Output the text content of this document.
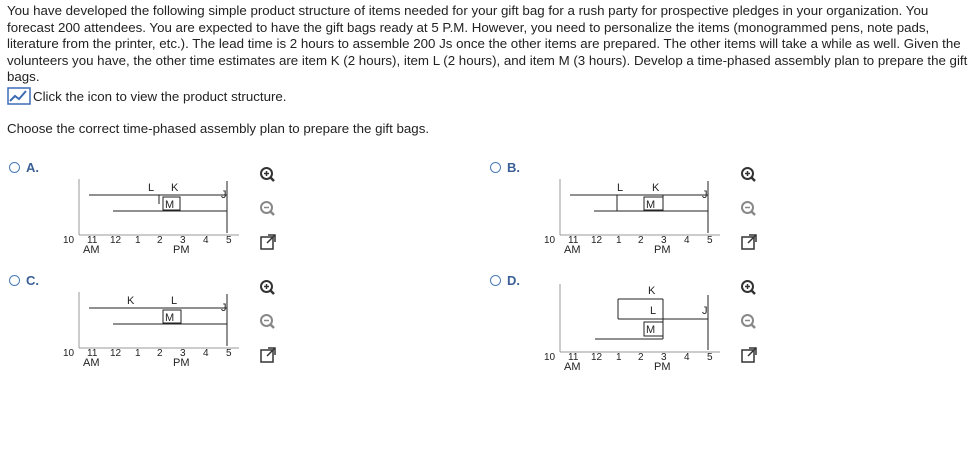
You have developed the following simple product structure of items needed for your gift bag for a rush party for prospective pledges in your organization. You forecast 200 attendees. You are expected to have the gift bags ready at 5 P.M. However, you need to personalize the items (monogrammed pens, note pads, literature from the printer, etc.). The lead time is 2 hours to assemble 200 Js once the other items are prepared. The other items will take a while as well. Given the volunteers you have, the other time estimates are item K (2 hours), item L (2 hours), and item M (3 hours). Develop a time-phased assembly plan to prepare the gift bags.

Click the icon to view the product structure.
Choose the correct time-phased assembly plan to prepare the gift bags.
A.
L K
J
M
10 11 12 1 2 3 4 5
AM	PM
B.
L	K
J
M
10 11 12 1 2 3 4 5
AM	PM
C.
K	L
J
M
10 11 12 1 2 3 4 5
AM	PM
D.
K
L	J
M
10 11 12 1 2 3 4 5
AM	PM
